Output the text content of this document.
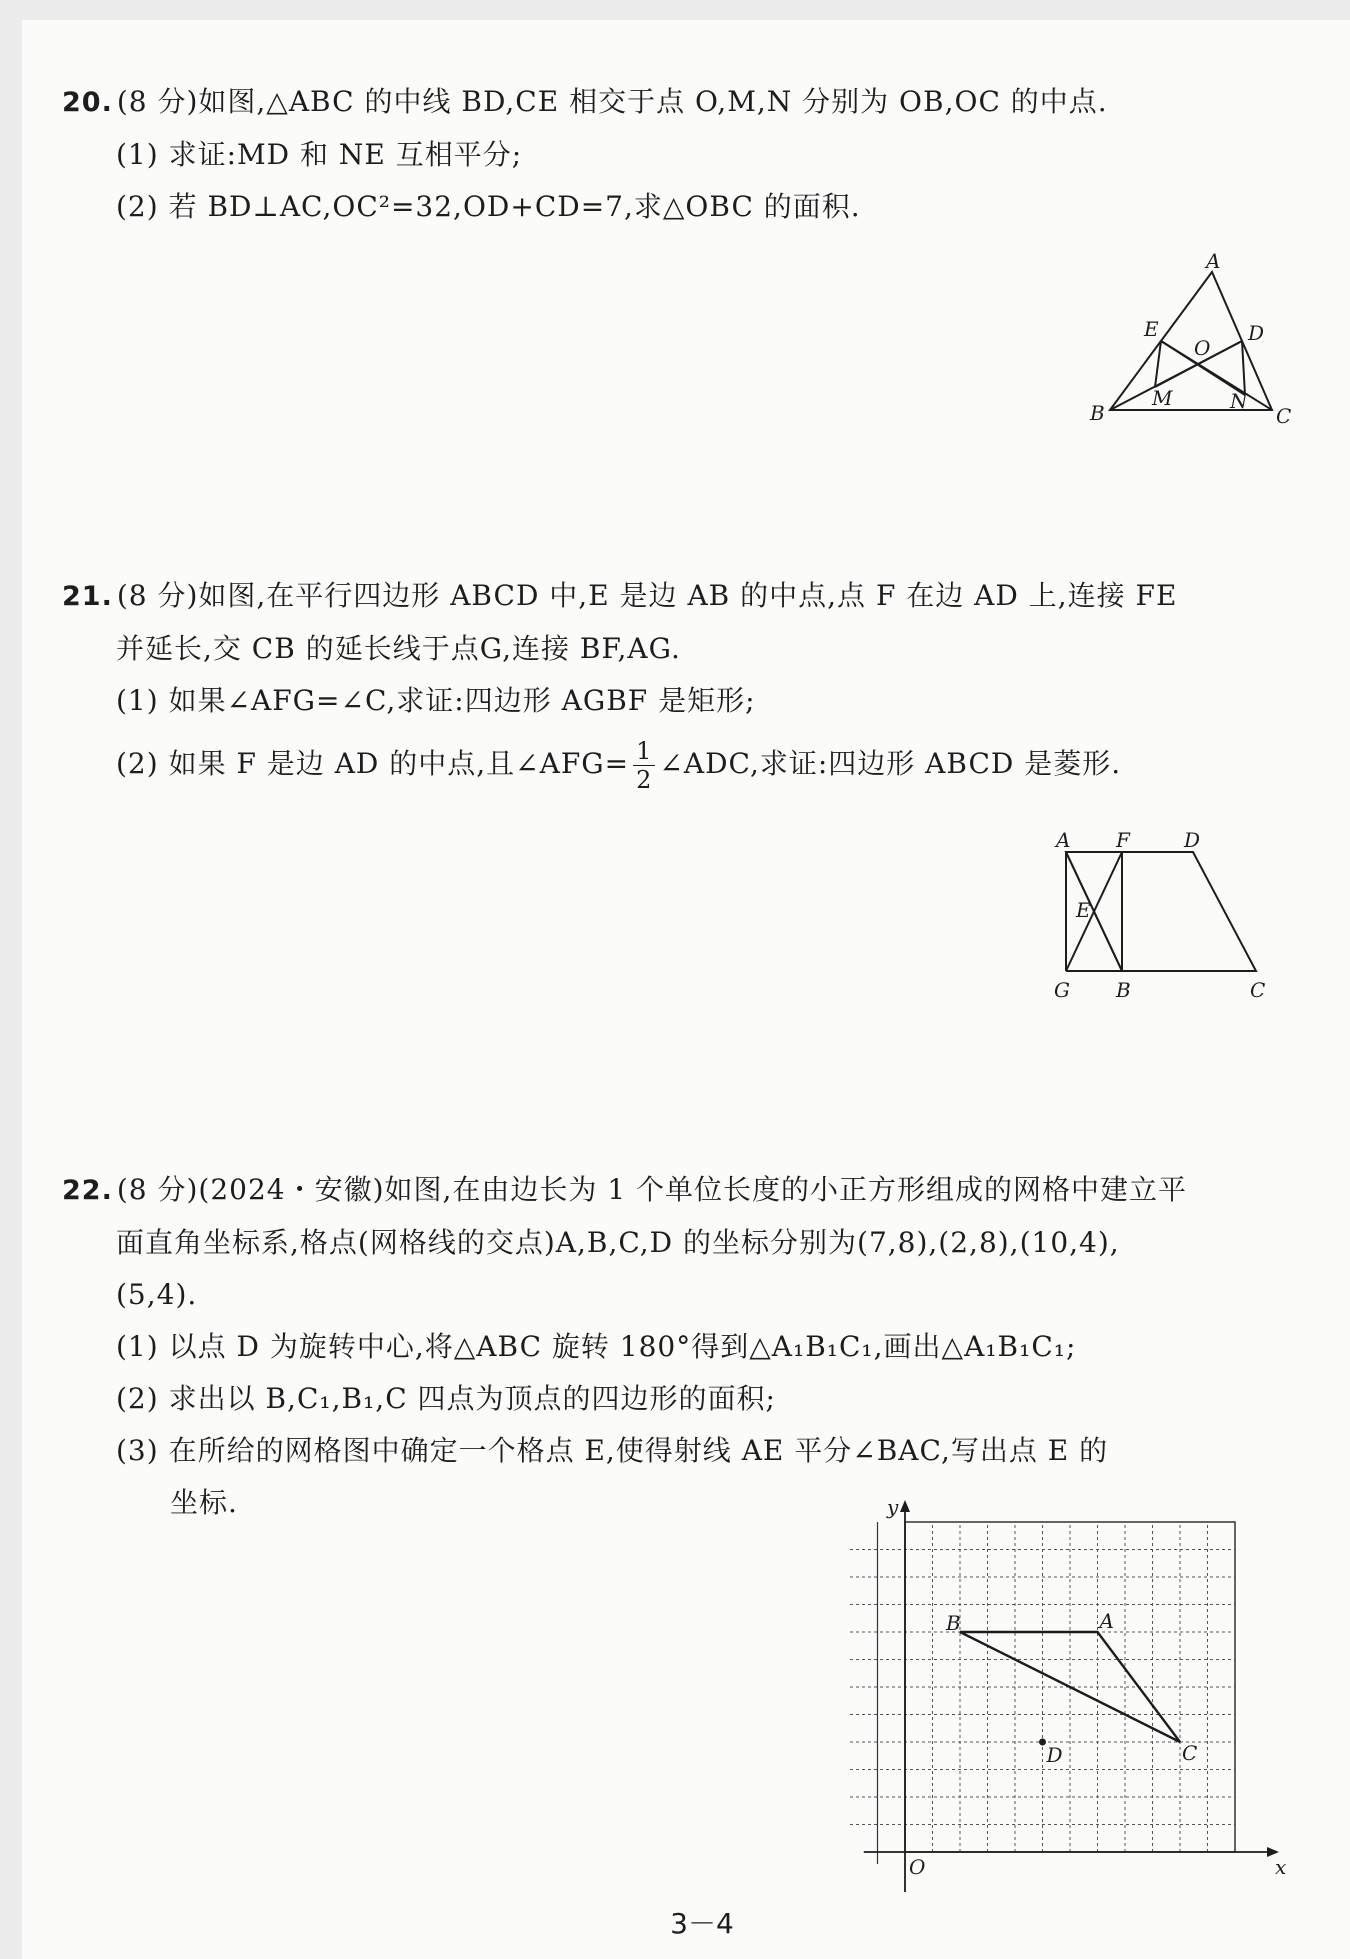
20. (8 分)如图,△ABC 的中线 BD,CE 相交于点 O,M,N 分别为 OB,OC 的中点.
(1) 求证:MD 和 NE 互相平分;
(2) 若 BD⊥AC,OC²=32,OD+CD=7,求△OBC 的面积.
A
B	C
D
E
O
M	N
21. (8 分)如图,在平行四边形 ABCD 中,E 是边 AB 的中点,点 F 在边 AD 上,连接 FE
并延长,交 CB 的延长线于点G,连接 BF,AG.
(1) 如果∠AFG=∠C,求证:四边形 AGBF 是矩形;
(2) 如果 F 是边 AD 的中点,且∠AFG= $\frac{1}{2}$ ∠ADC,求证:四边形 ABCD 是菱形.
A F	D
E
G B	C
22. (8 分)(2024・安徽)如图,在由边长为 1 个单位长度的小正方形组成的网格中建立平
面直角坐标系,格点(网格线的交点)A,B,C,D 的坐标分别为(7,8),(2,8),(10,4),
(5,4).
(1) 以点 D 为旋转中心,将△ABC 旋转 180°得到△A₁B₁C₁,画出△A₁B₁C₁;
(2) 求出以 B,C₁,B₁,C 四点为顶点的四边形的面积;
(3) 在所给的网格图中确定一个格点 E,使得射线 AE 平分∠BAC,写出点 E 的
坐标.	y
x
O
A
B
C
D
3－4
